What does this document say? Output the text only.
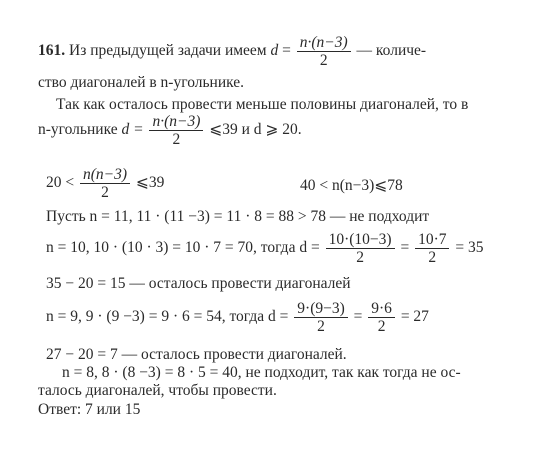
161. Из предыдущей задачи имеем $d = \frac{n\cdot(n-3)}{2}$ — количе-
ство диагоналей в n-угольнике.
Так как осталось провести меньше половины диагоналей, то в
n-угольнике $d = \frac{n\cdot(n-3)}{2}$ ⩽39 и d ⩾ 20.
$20 < \frac{n(n-3)}{2}$ ⩽39	40 < n(n−3)⩽78
Пусть n = 11, 11 · (11 −3) = 11 · 8 = 88 > 78 — не подходит
n = 10, 10 · (10 · 3) = 10 · 7 = 70, тогда $d = \frac{10\cdot(10-3)}{2} = \frac{10\cdot 7}{2} = 35$
35 − 20 = 15 — осталось провести диагоналей
n = 9, 9 · (9 −3) = 9 · 6 = 54, тогда $d = \frac{9\cdot(9-3)}{2} = \frac{9\cdot 6}{2} = 27$
27 − 20 = 7 — осталось провести диагоналей.
n = 8, 8 · (8 −3) = 8 · 5 = 40, не подходит, так как тогда не ос-
талось диагоналей, чтобы провести.
Ответ: 7 или 15
